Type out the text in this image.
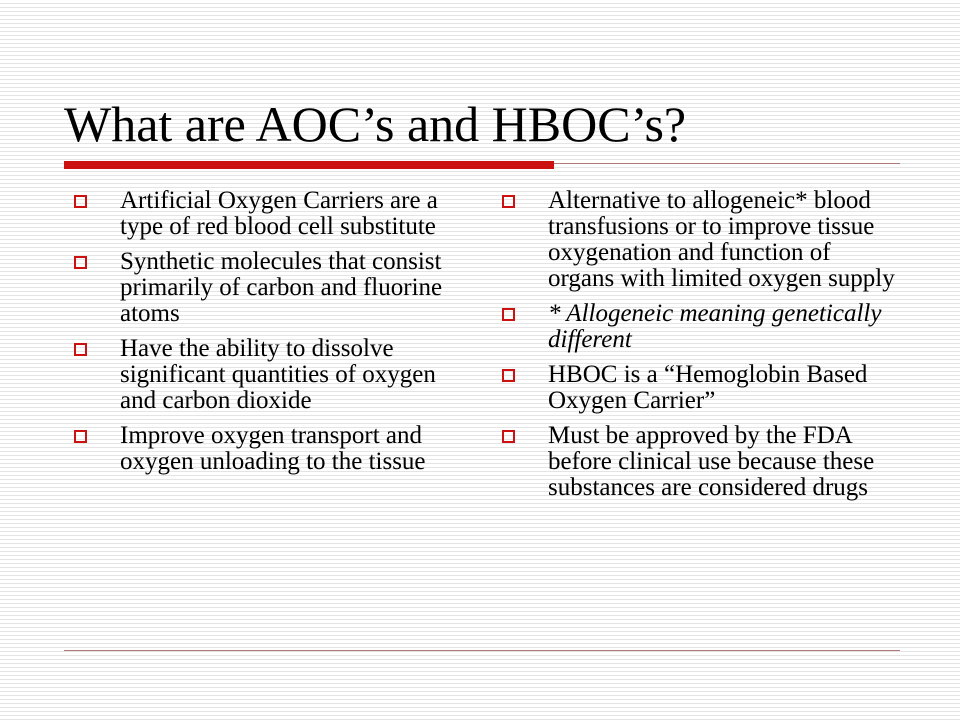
What are AOC’s and HBOC’s?
Artificial Oxygen Carriers are a type of red blood cell substitute
Synthetic molecules that consist primarily of carbon and fluorine atoms
Have the ability to dissolve significant quantities of oxygen and carbon dioxide
Improve oxygen transport and oxygen unloading to the tissue
Alternative to allogeneic* blood transfusions or to improve tissue oxygenation and function of organs with limited oxygen supply
* Allogeneic meaning genetically different
HBOC is a “Hemoglobin Based Oxygen Carrier”
Must be approved by the FDA before clinical use because these substances are considered drugs
